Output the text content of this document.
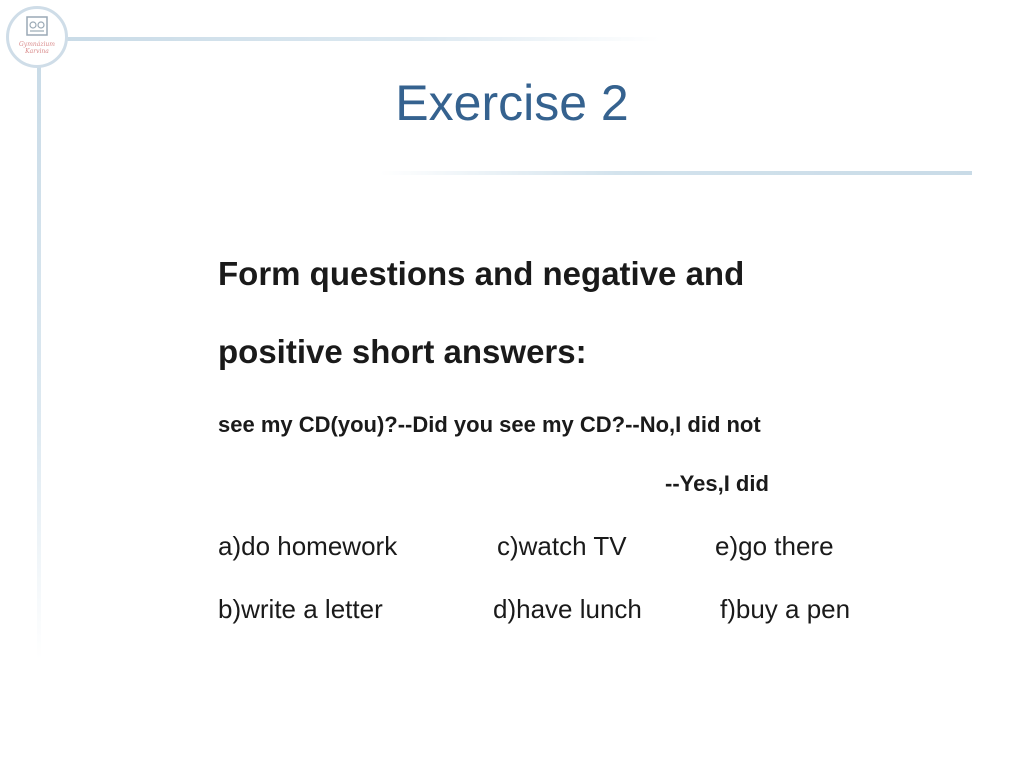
Gymnázium
Karvina
Exercise 2
Form questions and negative and
positive short answers:
see my CD(you)?--Did you see my CD?--No,I did not
--Yes,I did
a)do homework	c)watch TV	e)go there
b)write a letter	d)have lunch	f)buy a pen
